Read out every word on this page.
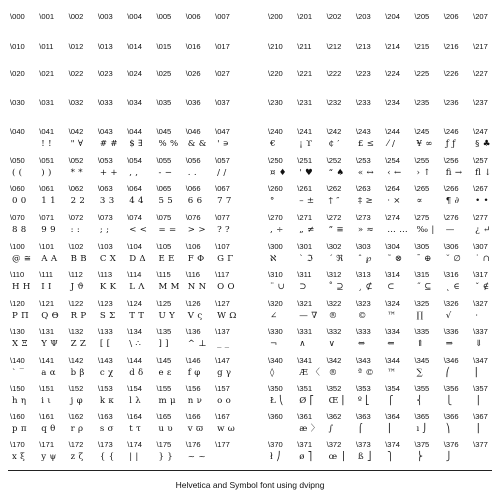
\000 \001 \002 \003 \004 \005 \006 \007
\010 \011 \012 \013 \014 \015 \016 \017
\020 \021 \022 \023 \024 \025 \026 \027
\030 \031 \032 \033 \034 \035 \036 \037
\040 \041
! !
\042
" ∀
\043
# #
\044
$ ∃
\045
% %
\046
& &
\047
' ∍
\050
( (
\051
) )
\052
* *
\053
+ +
\054
, ,
\055
- −
\056
. .
\057
/ /
\060
0 0
\061
1 1
\062
2 2
\063
3 3
\064
4 4
\065
5 5
\066
6 6
\067
7 7
\070
8 8
\071
9 9
\072
: :
\073
; ;
\074
< <
\075
= =
\076
> >
\077
? ?
\100
@ ≅
\101
A A
\102
B B
\103
C X
\104
D Δ
\105
E E
\106
F Φ
\107
G Γ
\110
H H
\111
I I
\112
J ϑ
\113
K K
\114
L Λ
\115
M M
\116
N N
\117
O O
\120
P Π
\121
Q Θ
\122
R P
\123
S Σ
\124
T T
\125
U Y
\126
V ς
\127
W Ω
\130
X Ξ
\131
Y Ψ
\132
Z Z
\133
[ [
\134
\ ∴
\135
] ]
\136
^ ⊥
\137
_ _
\140
` ‾
\141
a α
\142
b β
\143
c χ
\144
d δ
\145
e ε
\146
f φ
\147
g γ
\150
h η
\151
i ι
\152
j φ
\153
k κ
\154
l λ
\155
m μ
\156
n ν
\157
o o
\160
p π
\161
q θ
\162
r ρ
\163
s σ
\164
t τ
\165
u υ
\166
v ϖ
\167
w ω
\170
x ξ
\171
y ψ
\172
z ζ
\173
{ {
\174
| |
\175
} }
\176
~ ~
\177
\200 \201 \202 \203 \204 \205 \206 \207
\210 \211 \212 \213 \214 \215 \216 \217
\220 \221 \222 \223 \224 \225 \226 \227
\230 \231 \232 \233 \234 \235 \236 \237
\240
€
\241
¡ ϒ
\242
¢ ′
\243
£ ≤
\244
⁄ /
\245
¥ ∞
\246
ƒ ƒ
\247
§ ♣
\250
¤ ♦
\251
' ♥
\252
“ ♠
\253
« ↔
\254
‹ ←
\255
› ↑
\256
ﬁ →
\257
ﬂ ↓
\260
°
\261
– ±
\262
† ″
\263
‡ ≥
\264
· ×
\265
∝
\266
¶ ∂
\267
• •
\270
‚ ÷
\271
„ ≠
\272
” ≡
\273
» ≈
\274
… …
\275
‰ |
\276
—
\277
¿ ↵
\300
ℵ
\301
` ℑ
\302
´ ℜ
\303
ˆ ℘
\304
˜ ⊗
\305
¯ ⊕
\306
˘ ∅
\307
˙ ∩
\310
¨ ∪
\311
⊃
\312
˚ ⊇
\313
¸ ⊄
\314
⊂
\315
˝ ⊆
\316
˛ ∈
\317
ˇ ∉
\320
∠
\321
— ∇
\322
®
\323
©
\324
™
\325
∏
\326
√
\327
⋅
\330
¬
\331
∧
\332
∨
\333
⇔
\334
⇐
\335
⇑
\336
⇒
\337
⇓
\340
◊
\341
Æ 〈
\342
®
\343
ª ©
\344
™
\345
∑
\346
⎛
\347
⎜
\350
Ł ⎝
\351
Ø ⎡
\352
Œ ⎢
\353
º ⎣
\354
⎧
\355
⎨
\356
⎩
\357
⎪
\360 \361
æ 〉
\362
∫
\363
⌠
\364
⎮
\365
ı ⌡
\366
⎞
\367
⎟
\370
ł ⎠
\371
ø ⎤
\372
œ ⎥
\373
ß ⎦
\374
⎫
\375
⎬
\376
⎭
\377
Helvetica and Symbol font using dvipng
